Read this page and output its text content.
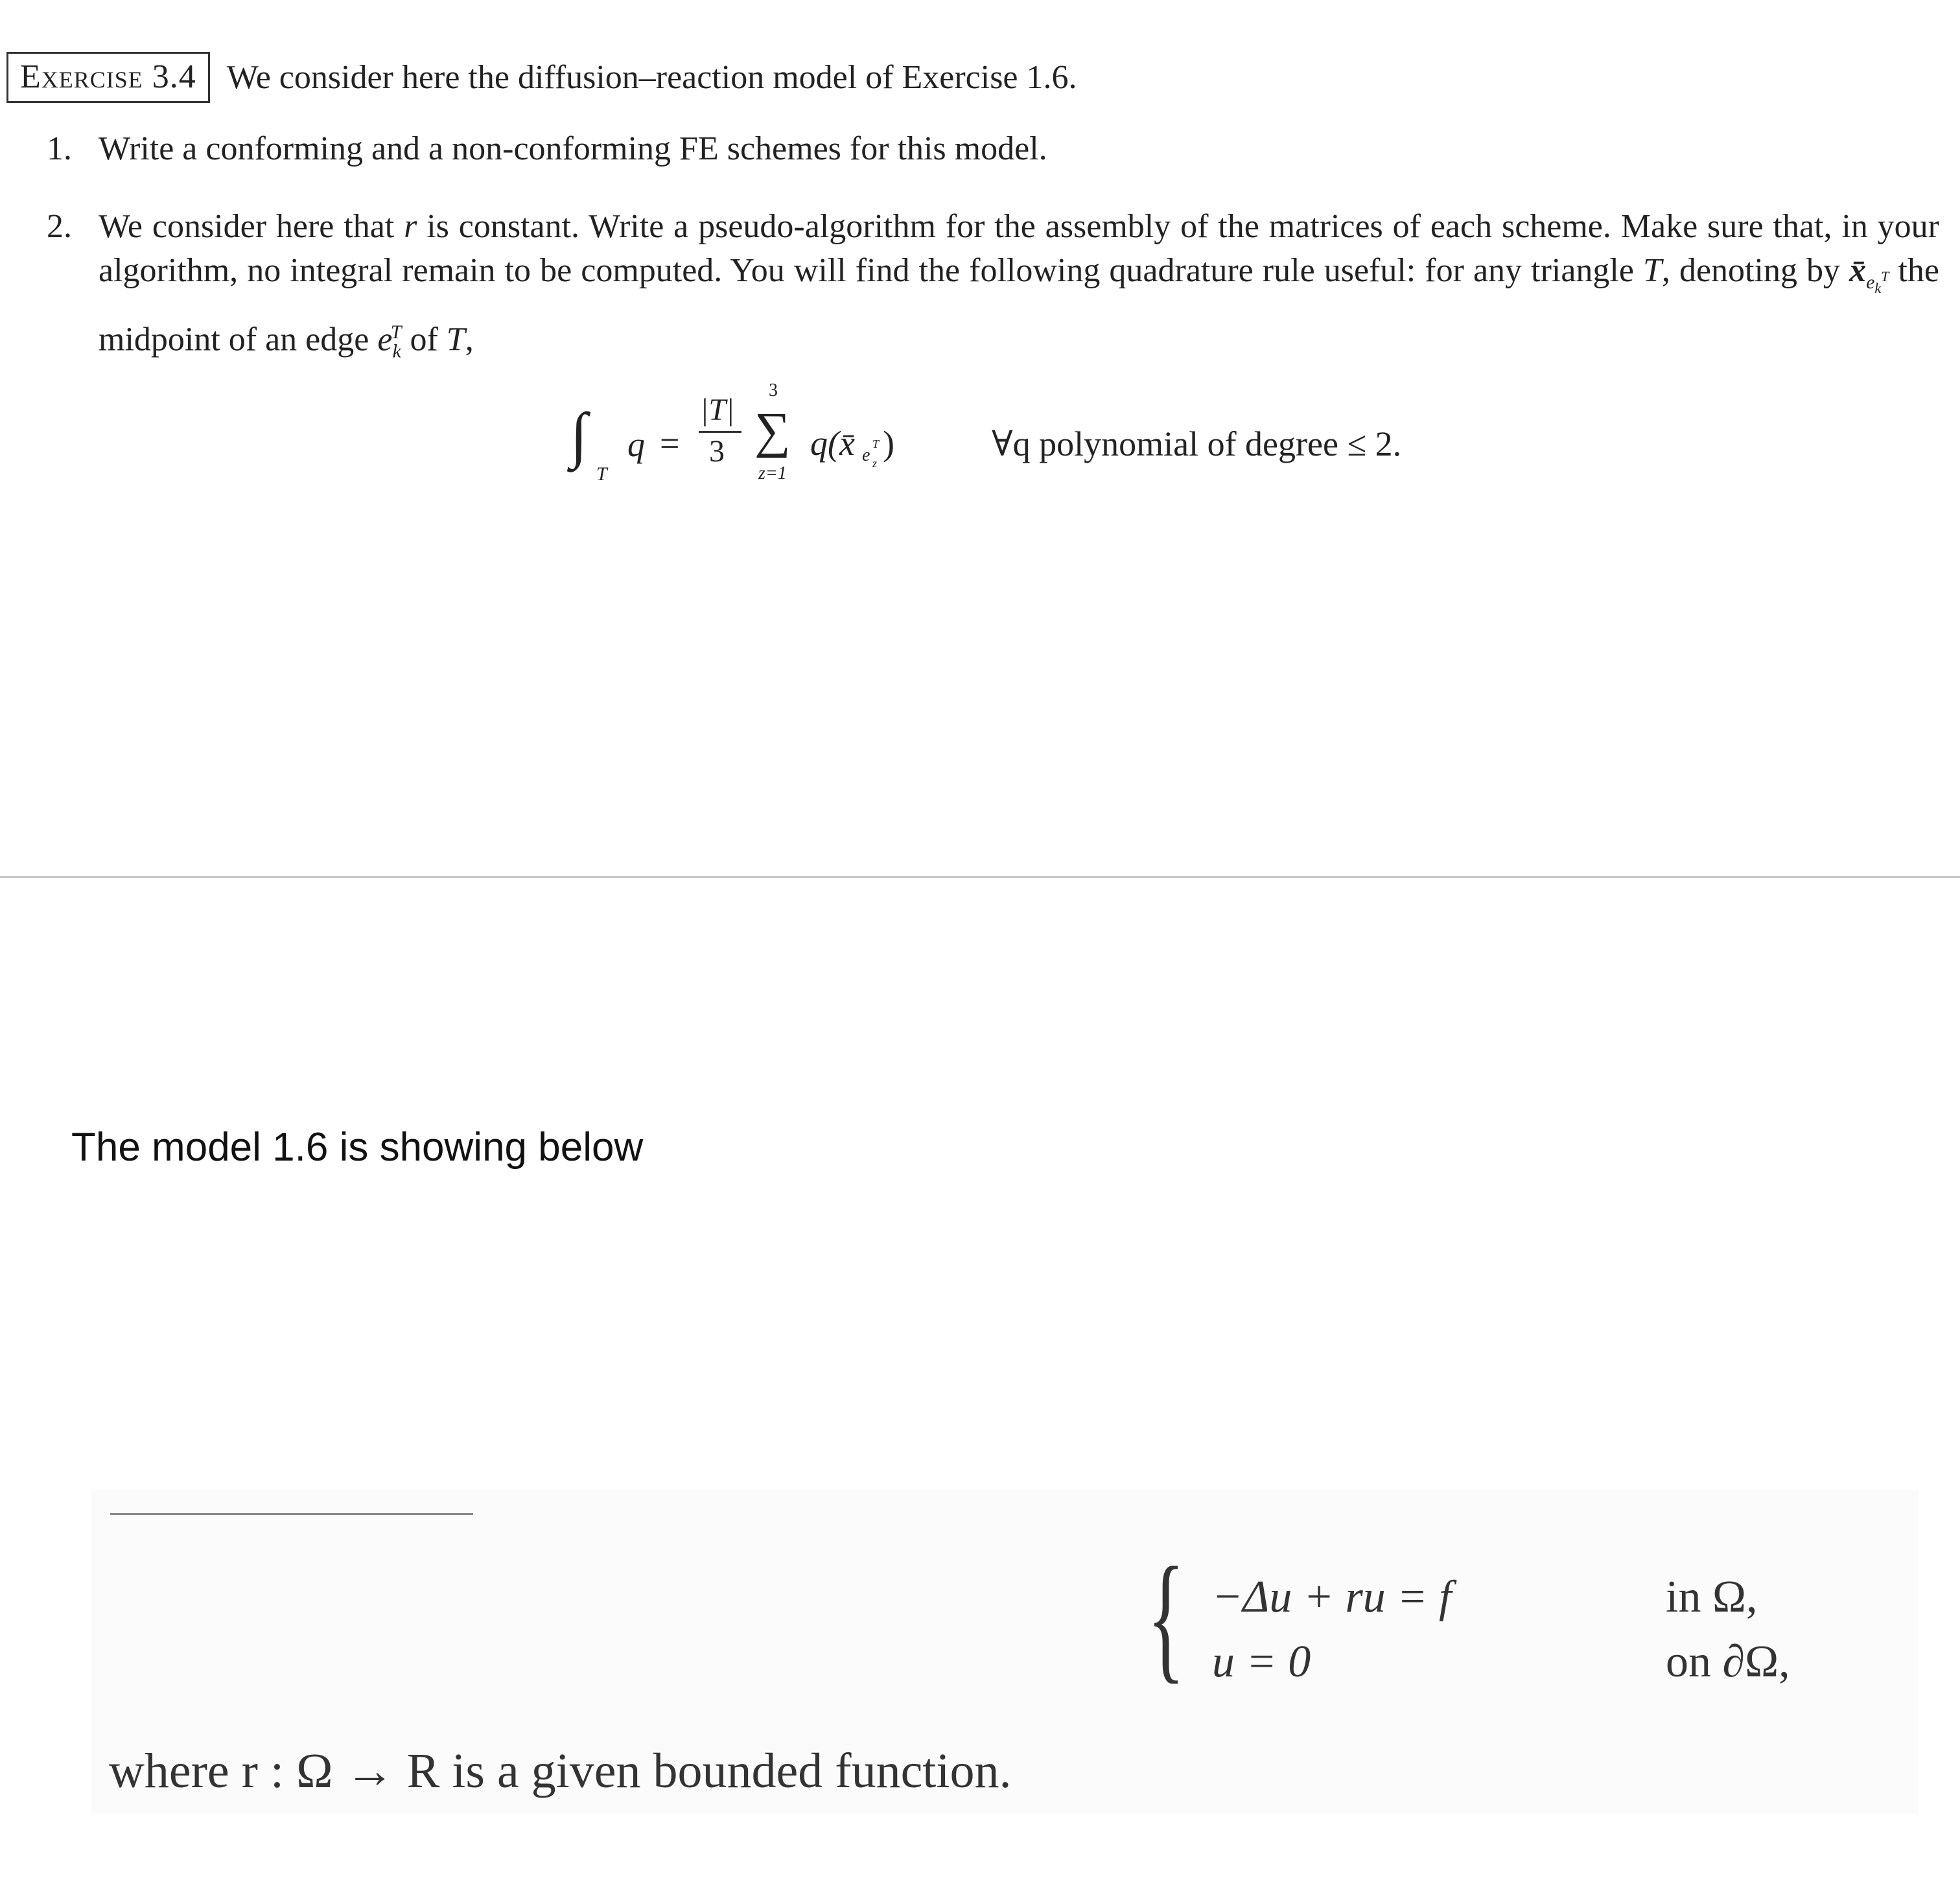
Exercise 3.4 We consider here the diffusion–reaction model of Exercise 1.6.
1. Write a conforming and a non-conforming FE schemes for this model.
2. We consider here that r is constant. Write a pseudo-algorithm for the assembly of the matrices of each scheme. Make sure that, in your algorithm, no integral remain to be computed. You will find the following quadrature rule useful: for any triangle T, denoting by $x̄_{e_k^T}$ the midpoint of an edge $e_k^T$ of T,
∫
T
q =
|T|
3
3
∑
z=1
q(x̄ e z
T )	∀q polynomial of degree ≤ 2.
The model 1.6 is showing below
{ −Δu + ru = f
u = 0
in Ω,
on ∂Ω,
where r : Ω → R is a given bounded function.
